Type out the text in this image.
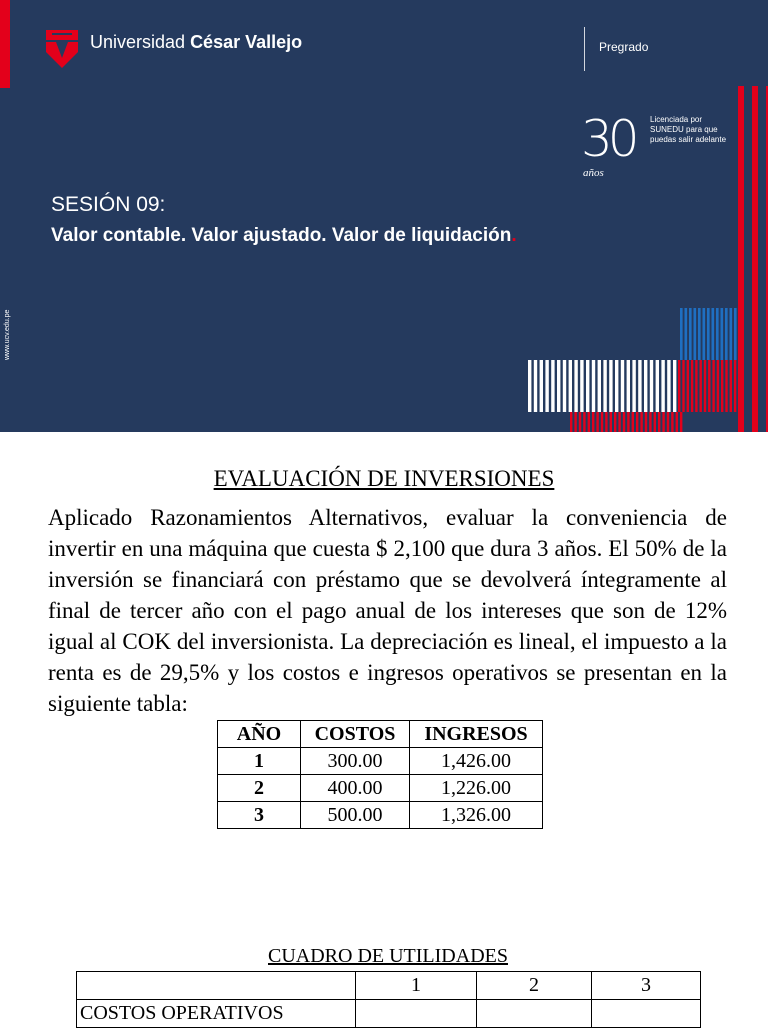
Universidad César Vallejo	Pregrado
30
años
Licenciada por SUNEDU para que puedas salir adelante
SESIÓN 09:
Valor contable. Valor ajustado. Valor de liquidación.
www.ucv.edu.pe
EVALUACIÓN DE INVERSIONES

Aplicado Razonamientos Alternativos, evaluar la conveniencia de invertir en una máquina que cuesta $ 2,100 que dura 3 años. El 50% de la inversión se financiará con préstamo que se devolverá íntegramente al final de tercer año con el pago anual de los intereses que son de 12% igual al COK del inversionista. La depreciación es lineal, el impuesto a la renta es de 29,5% y los costos e ingresos operativos se presentan en la siguiente tabla:

AÑO	COSTOS	INGRESOS
1	300.00	1,426.00
2	400.00	1,226.00
3	500.00	1,326.00
CUADRO DE UTILIDADES
	1	2	3
COSTOS OPERATIVOS			
